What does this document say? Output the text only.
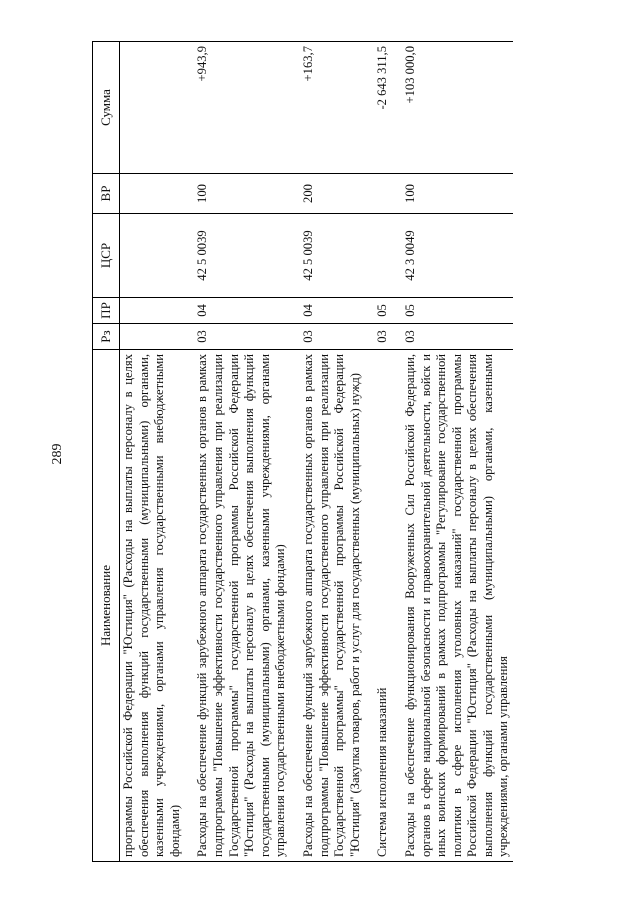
289
Наименование	Рз	ПР	ЦСР	ВР	Сумма
программы Российской Федерации "Юстиция" (Расходы на выплаты персоналу в целях обеспечения выполнения функций государственными (муниципальными) органами, казенными учреждениями, органами управления государственными внебюджетными фондами)					

Расходы на обеспечение функций зарубежного аппарата государственных органов в рамках подпрограммы "Повышение эффективности государственного управления при реализации Государственной программы" государственной программы Российской Федерации "Юстиция" (Расходы на выплаты персоналу в целях обеспечения выполнения функций государственными (муниципальными) органами, казенными учреждениями, органами управления государственными внебюджетными фондами)	03	04	42 5 0039	100	+943,9

Расходы на обеспечение функций зарубежного аппарата государственных органов в рамках подпрограммы "Повышение эффективности государственного управления при реализации Государственной программы" государственной программы Российской Федерации "Юстиция" (Закупка товаров, работ и услуг для государственных (муниципальных) нужд)	03	04	42 5 0039	200	+163,7

Система исполнения наказаний	03	05			-2 643 311,5

Расходы на обеспечение функционирования Вооруженных Сил Российской Федерации, органов в сфере национальной безопасности и правоохранительной деятельности, войск и иных воинских формирований в рамках подпрограммы "Регулирование государственной политики в сфере исполнения уголовных наказаний" государственной программы Российской Федерации "Юстиция" (Расходы на выплаты персоналу в целях обеспечения выполнения функций государственными (муниципальными) органами, казенными учреждениями, органами управления	03	05	42 3 0049	100	+103 000,0
